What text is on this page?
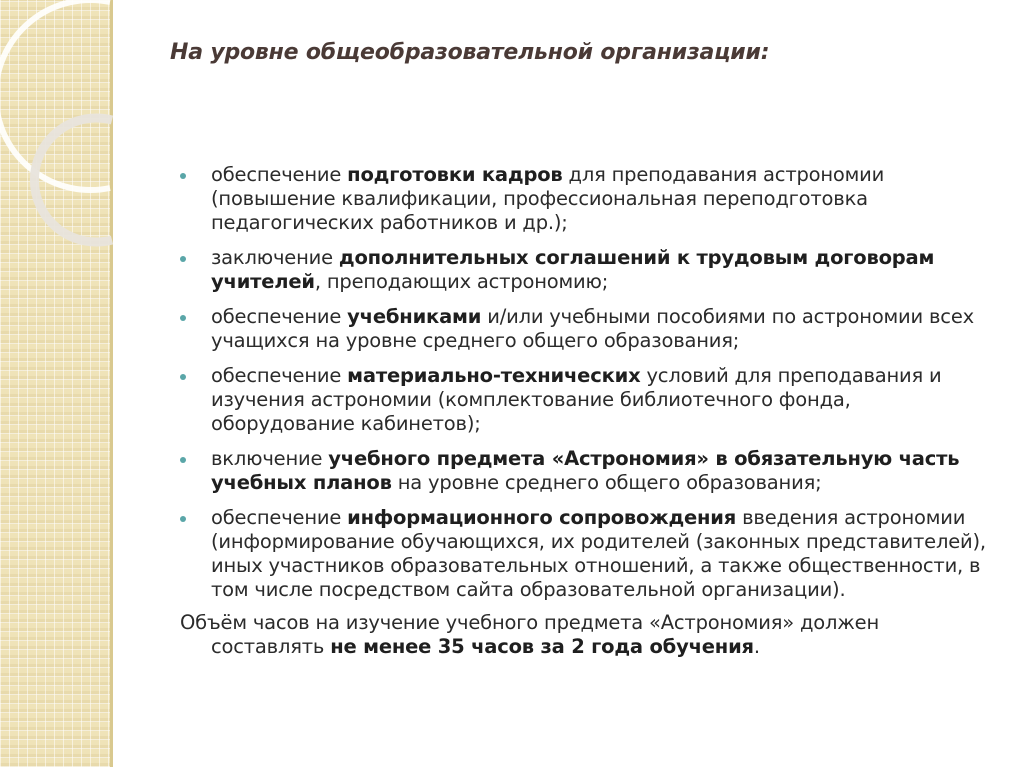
На уровне общеобразовательной организации:
обеспечение подготовки кадров для преподавания астрономии (повышение квалификации, профессиональная переподготовка педагогических работников и др.);
заключение дополнительных соглашений к трудовым договорам учителей, преподающих астрономию;
обеспечение учебниками и/или учебными пособиями по астрономии всех учащихся на уровне среднего общего образования;
обеспечение материально-технических условий для преподавания и изучения астрономии (комплектование библиотечного фонда, оборудование кабинетов);
включение учебного предмета «Астрономия» в обязательную часть учебных планов на уровне среднего общего образования;
обеспечение информационного сопровождения введения астрономии (информирование обучающихся, их родителей (законных представителей), иных участников образовательных отношений, а также общественности, в том числе посредством сайта образовательной организации).
Объём часов на изучение учебного предмета «Астрономия» должен
составлять не менее 35 часов за 2 года обучения.
